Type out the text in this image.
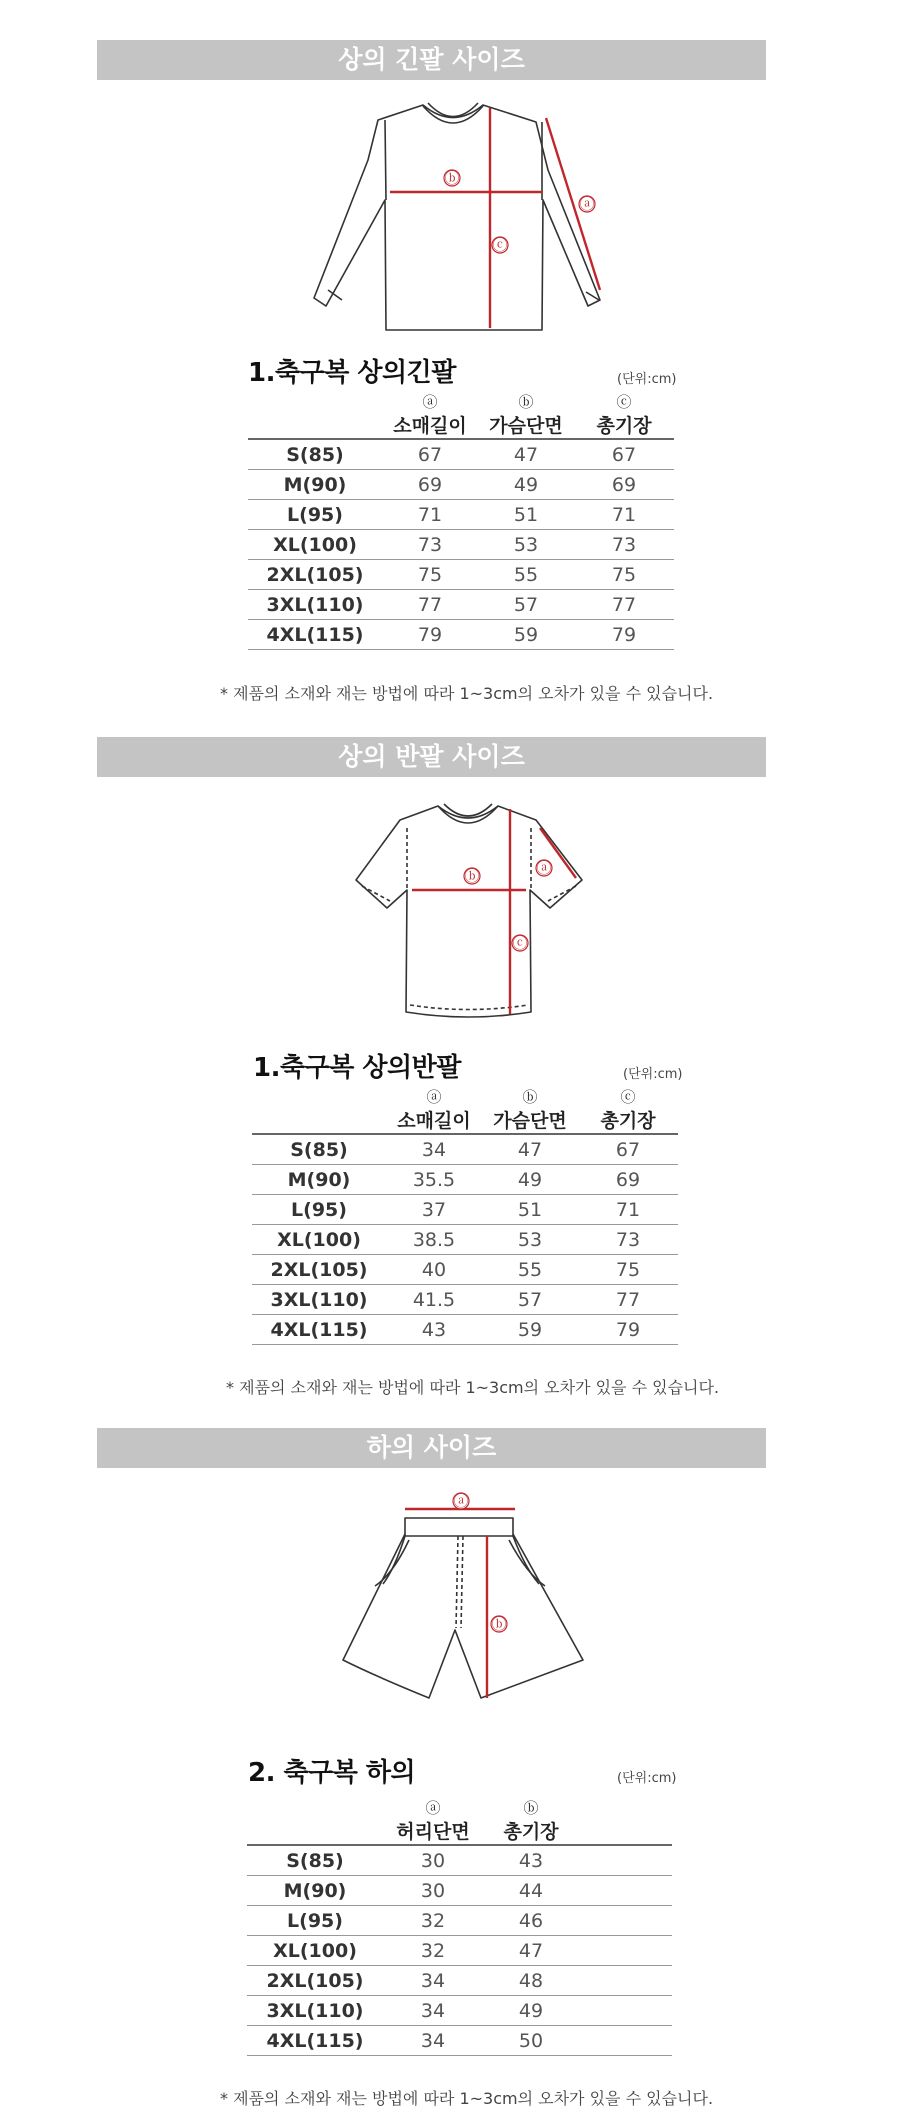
상의 긴팔 사이즈
ⓑ
ⓒ
ⓐ
1.축구복 상의긴팔	(단위:cm)

	ⓐ
소매길이	ⓑ
가슴단면	ⓒ
총기장
S(85)	67	47	67
M(90)	69	49	69
L(95)	71	51	71
XL(100)	73	53	73
2XL(105)	75	55	75
3XL(110)	77	57	77
4XL(115)	79	59	79
* 제품의 소재와 재는 방법에 따라 1~3cm의 오차가 있을 수 있습니다.
상의 반팔 사이즈
ⓑ
ⓒ
ⓐ
1.축구복 상의반팔	(단위:cm)

	ⓐ
소매길이	ⓑ
가슴단면	ⓒ
총기장
S(85)	34	47	67
M(90)	35.5	49	69
L(95)	37	51	71
XL(100)	38.5	53	73
2XL(105)	40	55	75
3XL(110)	41.5	57	77
4XL(115)	43	59	79
* 제품의 소재와 재는 방법에 따라 1~3cm의 오차가 있을 수 있습니다.
하의 사이즈
ⓐ
ⓑ
2. 축구복 하의	(단위:cm)

	ⓐ
허리단면	ⓑ
총기장	
S(85)	30	43	
M(90)	30	44	
L(95)	32	46	
XL(100)	32	47	
2XL(105)	34	48	
3XL(110)	34	49	
4XL(115)	34	50	
* 제품의 소재와 재는 방법에 따라 1~3cm의 오차가 있을 수 있습니다.
